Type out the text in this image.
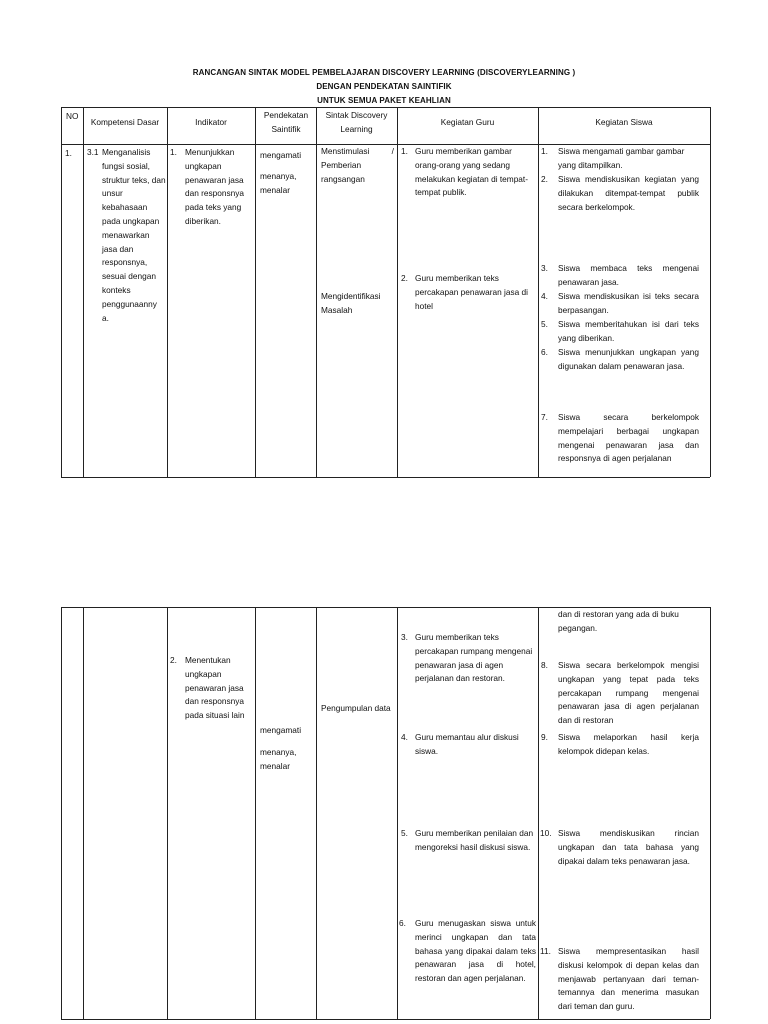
RANCANGAN SINTAK MODEL PEMBELAJARAN DISCOVERY LEARNING (DISCOVERYLEARNING )
DENGAN PENDEKATAN SAINTIFIK
UNTUK SEMUA PAKET KEAHLIAN
NO
Kompetensi Dasar	Indikator
Pendekatan Saintifik
Sintak Discovery Learning
Kegiatan Guru	Kegiatan Siswa
1. 3.1 Menganalisis fungsi sosial, struktur teks, dan unsur kebahasaan pada ungkapan menawarkan jasa dan responsnya, sesuai dengan konteks penggunaanny a.
1. Menunjukkan ungkapan penawaran jasa dan responsnya pada teks yang diberikan.
mengamati
menanya, menalar
Menstimulasi / Pemberian rangsangan
Mengidentifikasi Masalah
1. Guru memberikan gambar orang-orang yang sedang melakukan kegiatan di tempat-tempat publik.
2. Guru memberikan teks percakapan penawaran jasa di hotel
1. Siswa mengamati gambar gambar yang ditampilkan.
2. Siswa mendiskusikan kegiatan yang dilakukan ditempat-tempat publik secara berkelompok.
3. Siswa membaca teks mengenai penawaran jasa.
4. Siswa mendiskusikan isi teks secara berpasangan.
5. Siswa memberitahukan isi dari teks yang diberikan.
6. Siswa menunjukkan ungkapan yang digunakan dalam penawaran jasa.
7. Siswa secara berkelompok mempelajari berbagai ungkapan mengenai penawaran jasa dan responsnya di agen perjalanan
dan di restoran yang ada di buku pegangan.
2. Menentukan ungkapan penawaran jasa dan responsnya pada situasi lain
mengamati
menanya, menalar
Pengumpulan data
3. Guru memberikan teks percakapan rumpang mengenai penawaran jasa di agen perjalanan dan restoran.
4. Guru memantau alur diskusi siswa.
5. Guru memberikan penilaian dan mengoreksi hasil diskusi siswa.
6. Guru menugaskan siswa untuk merinci ungkapan dan tata bahasa yang dipakai dalam teks penawaran jasa di hotel, restoran dan agen perjalanan.
8. Siswa secara berkelompok mengisi ungkapan yang tepat pada teks percakapan rumpang mengenai penawaran jasa di agen perjalanan dan di restoran
9. Siswa melaporkan hasil kerja kelompok didepan kelas.
10. Siswa mendiskusikan rincian ungkapan dan tata bahasa yang dipakai dalam teks penawaran jasa.
11. Siswa mempresentasikan hasil diskusi kelompok di depan kelas dan menjawab pertanyaan dari teman-temannya dan menerima masukan dari teman dan guru.
